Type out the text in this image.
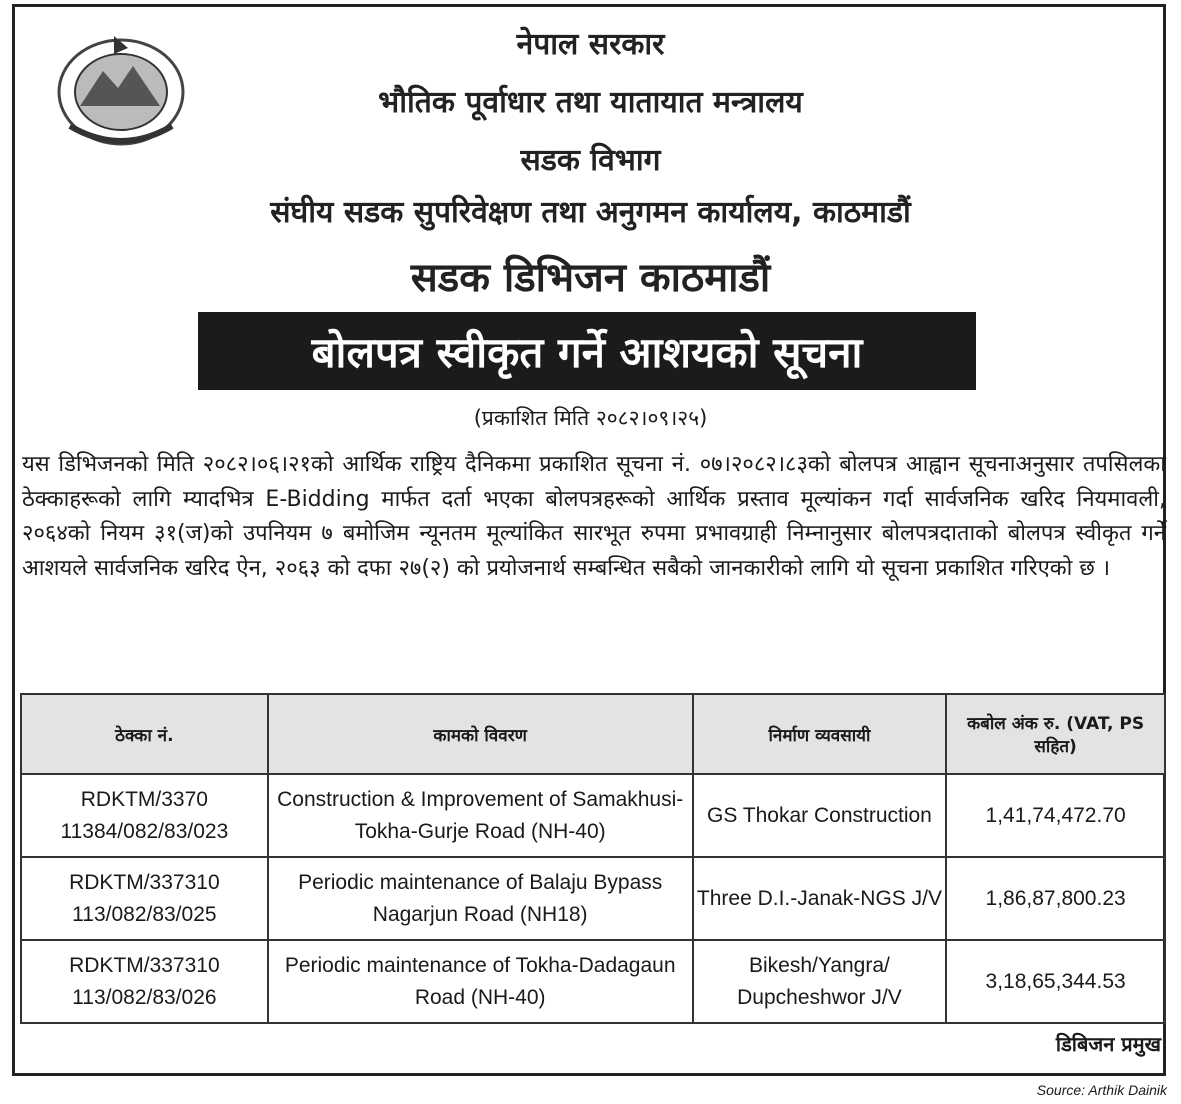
नेपाल सरकार
भौतिक पूर्वाधार तथा यातायात मन्त्रालय
सडक विभाग
संघीय सडक सुपरिवेक्षण तथा अनुगमन कार्यालय, काठमाडौं
सडक डिभिजन काठमाडौं
बोलपत्र स्वीकृत गर्ने आशयको सूचना
(प्रकाशित मिति २०८२।०९।२५)
यस डिभिजनको मिति २०८२।०६।२१को आर्थिक राष्ट्रिय दैनिकमा प्रकाशित सूचना नं. ०७।२०८२।८३को बोलपत्र आह्वान सूचनाअनुसार तपसिलका ठेक्काहरूको लागि म्यादभित्र E-Bidding मार्फत दर्ता भएका बोलपत्रहरूको आर्थिक प्रस्ताव मूल्यांकन गर्दा सार्वजनिक खरिद नियमावली, २०६४को नियम ३१(ज)को उपनियम ७ बमोजिम न्यूनतम मूल्यांकित सारभूत रुपमा प्रभावग्राही निम्नानुसार बोलपत्रदाताको बोलपत्र स्वीकृत गर्ने आशयले सार्वजनिक खरिद ऐन, २०६३ को दफा २७(२) को प्रयोजनार्थ सम्बन्धित सबैको जानकारीको लागि यो सूचना प्रकाशित गरिएको छ ।
ठेक्का नं.	कामको विवरण	निर्माण व्यवसायी	कबोल अंक रु. (VAT, PS सहित)
RDKTM/3370 11384/082/83/023	Construction & Improvement of Samakhusi-Tokha-Gurje Road (NH-40)	GS Thokar Construction	1,41,74,472.70
RDKTM/337310 113/082/83/025	Periodic maintenance of Balaju Bypass Nagarjun Road (NH18)	Three D.I.-Janak-NGS J/V	1,86,87,800.23
RDKTM/337310 113/082/83/026	Periodic maintenance of Tokha-Dadagaun Road (NH-40)	Bikesh/Yangra/ Dupcheshwor J/V	3,18,65,344.53
डिबिजन प्रमुख
Source: Arthik Dainik
